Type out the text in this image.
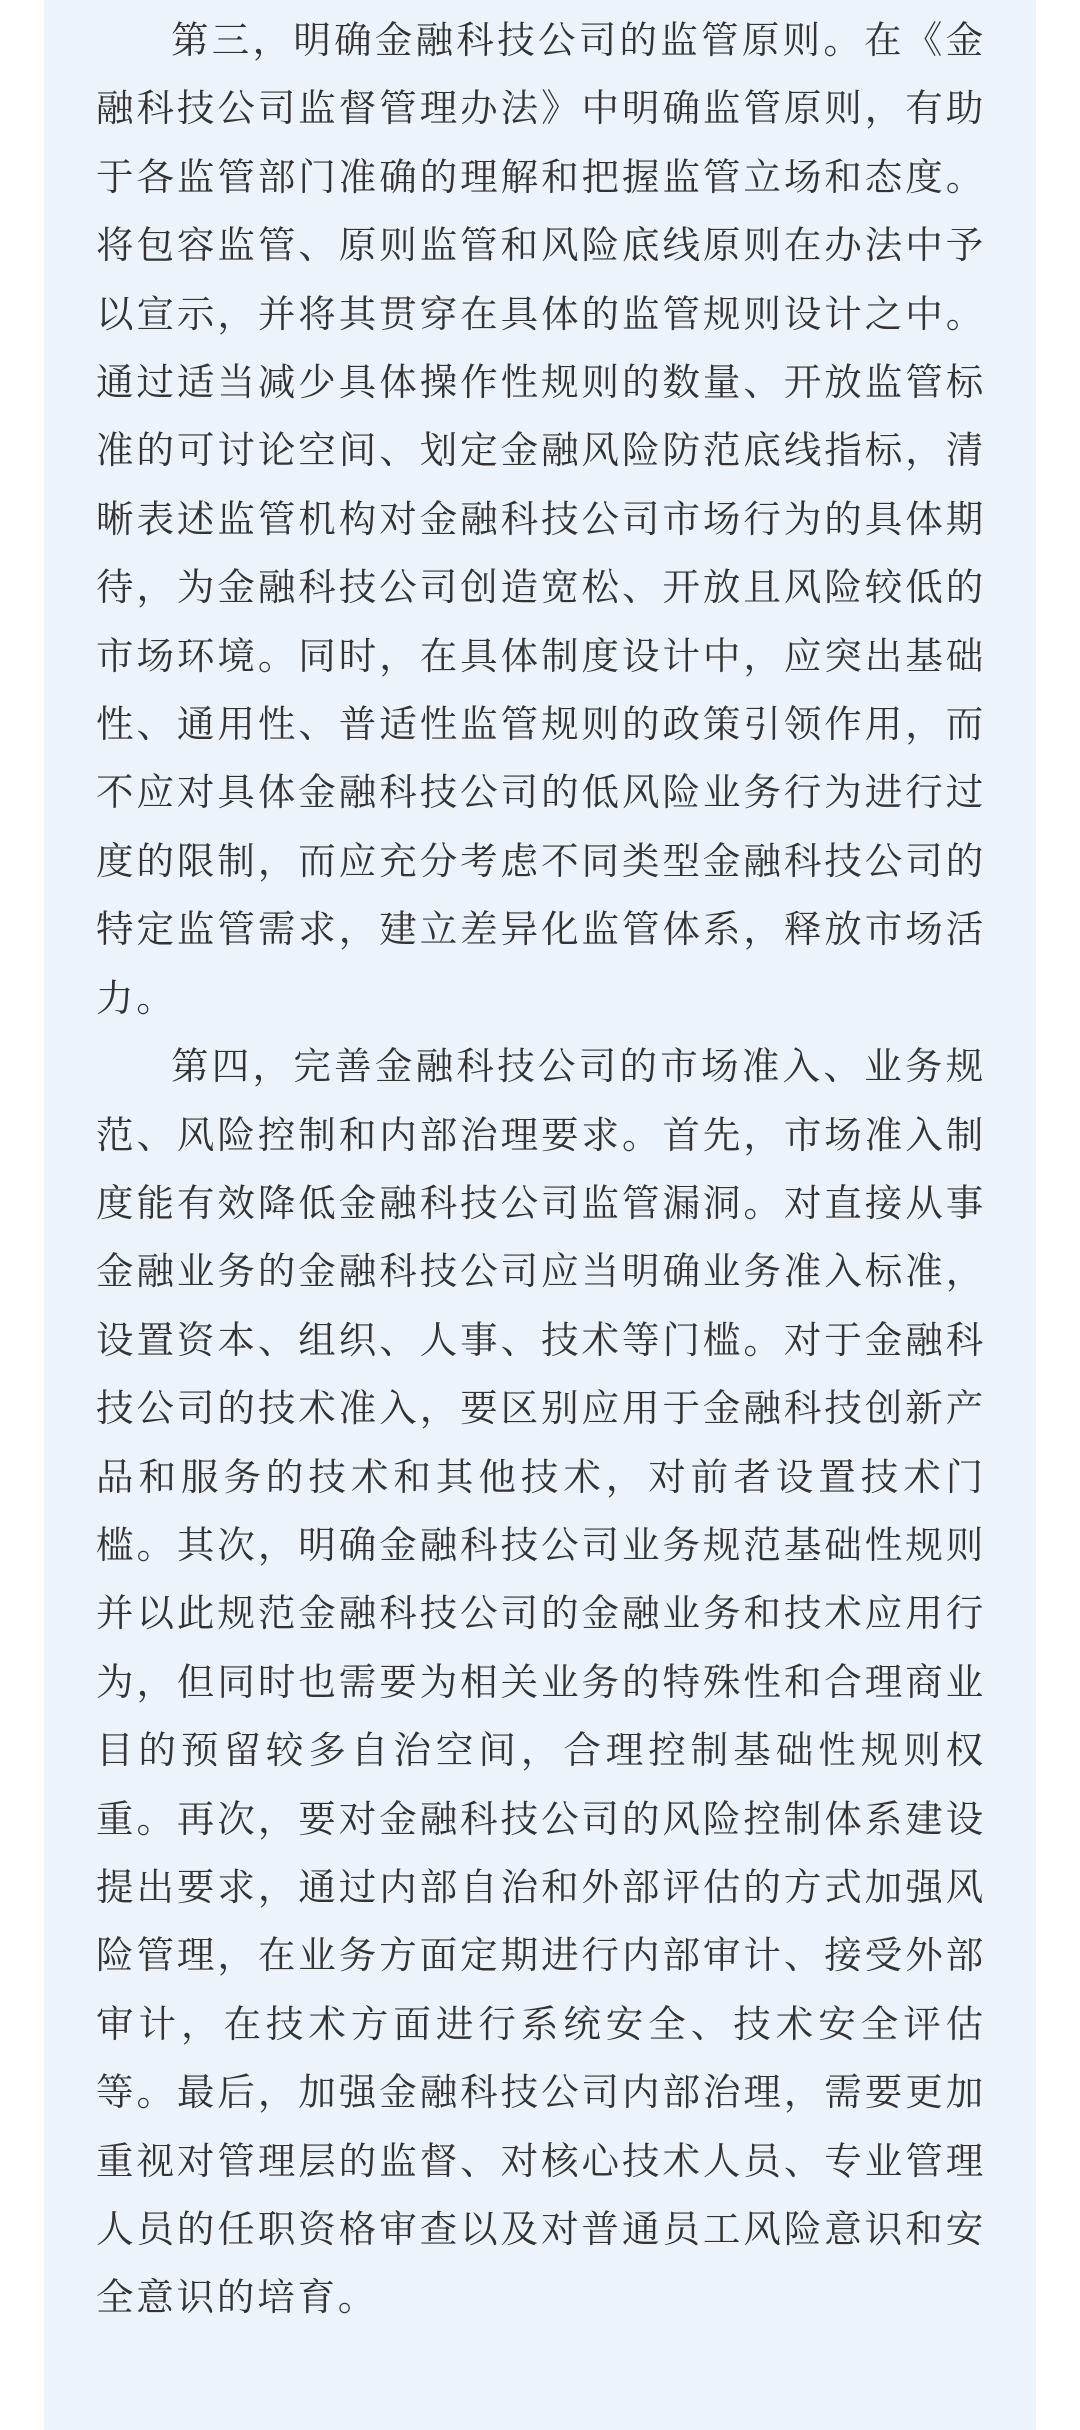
第三，明确金融科技公司的监管原则。在《金融科技公司监督管理办法》中明确监管原则，有助于各监管部门准确的理解和把握监管立场和态度。将包容监管、原则监管和风险底线原则在办法中予以宣示，并将其贯穿在具体的监管规则设计之中。通过适当减少具体操作性规则的数量、开放监管标准的可讨论空间、划定金融风险防范底线指标，清晰表述监管机构对金融科技公司市场行为的具体期待，为金融科技公司创造宽松、开放且风险较低的市场环境。同时，在具体制度设计中，应突出基础性、通用性、普适性监管规则的政策引领作用，而不应对具体金融科技公司的低风险业务行为进行过度的限制，而应充分考虑不同类型金融科技公司的特定监管需求，建立差异化监管体系，释放市场活力。

第四，完善金融科技公司的市场准入、业务规范、风险控制和内部治理要求。首先，市场准入制度能有效降低金融科技公司监管漏洞。对直接从事金融业务的金融科技公司应当明确业务准入标准，设置资本、组织、人事、技术等门槛。对于金融科技公司的技术准入，要区别应用于金融科技创新产品和服务的技术和其他技术，对前者设置技术门槛。其次，明确金融科技公司业务规范基础性规则并以此规范金融科技公司的金融业务和技术应用行为，但同时也需要为相关业务的特殊性和合理商业目的预留较多自治空间，合理控制基础性规则权重。再次，要对金融科技公司的风险控制体系建设提出要求，通过内部自治和外部评估的方式加强风险管理，在业务方面定期进行内部审计、接受外部审计，在技术方面进行系统安全、技术安全评估等。最后，加强金融科技公司内部治理，需要更加重视对管理层的监督、对核心技术人员、专业管理人员的任职资格审查以及对普通员工风险意识和安全意识的培育。
